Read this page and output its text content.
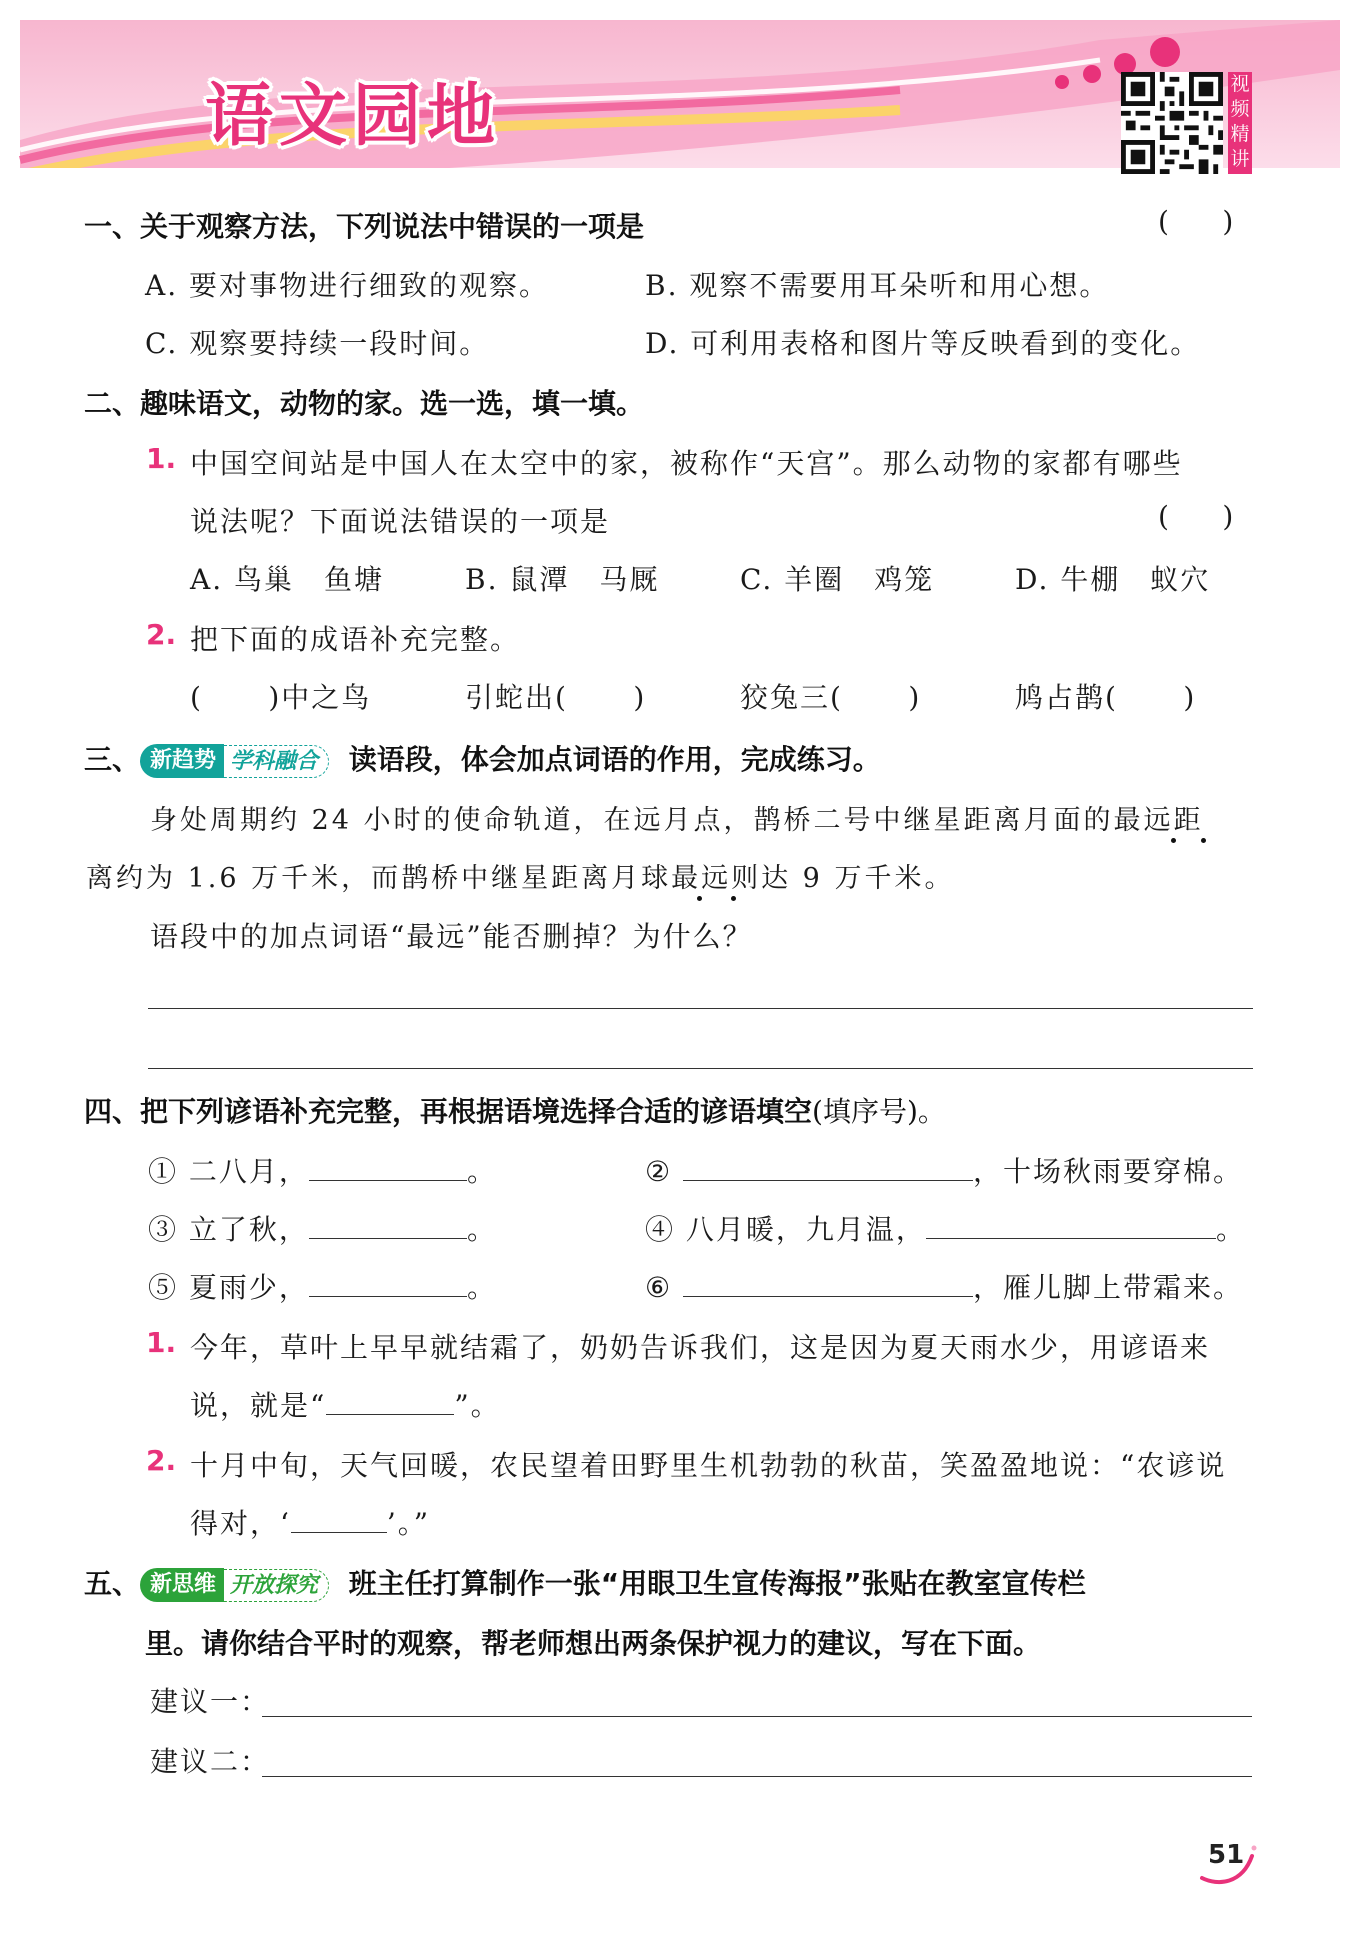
语文园地	视频精讲
一、关于观察方法，下列说法中错误的一项是	(      )
A. 要对事物进行细致的观察。	B. 观察不需要用耳朵听和用心想。
C. 观察要持续一段时间。	D. 可利用表格和图片等反映看到的变化。
二、趣味语文，动物的家。选一选，填一填。
1. 中国空间站是中国人在太空中的家，被称作“天宫”。那么动物的家都有哪些
说法呢？下面说法错误的一项是	(      )
A. 鸟巢　鱼塘	B. 鼠潭　马厩	C. 羊圈　鸡笼	D. 牛棚　蚁穴
2. 把下面的成语补充完整。
(      )中之鸟	引蛇出(      )	狡兔三(      )	鸠占鹊(      )
三、 新趋势 学科融合 读语段，体会加点词语的作用，完成练习。
身处周期约 24 小时的使命轨道，在远月点，鹊桥二号中继星距离月面的最远距
离约为 1.6 万千米，而鹊桥中继星距离月球最远则达 9 万千米。
语段中的加点词语“最远”能否删掉？为什么？
四、把下列谚语补充完整，再根据语境选择合适的谚语填空(填序号)。
① 二八月，	。	②	，十场秋雨要穿棉。
③ 立了秋，	。	④ 八月暖，九月温，	。
⑤ 夏雨少，	。	⑥	，雁儿脚上带霜来。
1. 今年，草叶上早早就结霜了，奶奶告诉我们，这是因为夏天雨水少，用谚语来
说，就是“	”。
2. 十月中旬，天气回暖，农民望着田野里生机勃勃的秋苗，笑盈盈地说：“农谚说
得对，‘	’。”
五、 新思维 开放探究 班主任打算制作一张“用眼卫生宣传海报”张贴在教室宣传栏
里。请你结合平时的观察，帮老师想出两条保护视力的建议，写在下面。
建议一：
建议二：
51
